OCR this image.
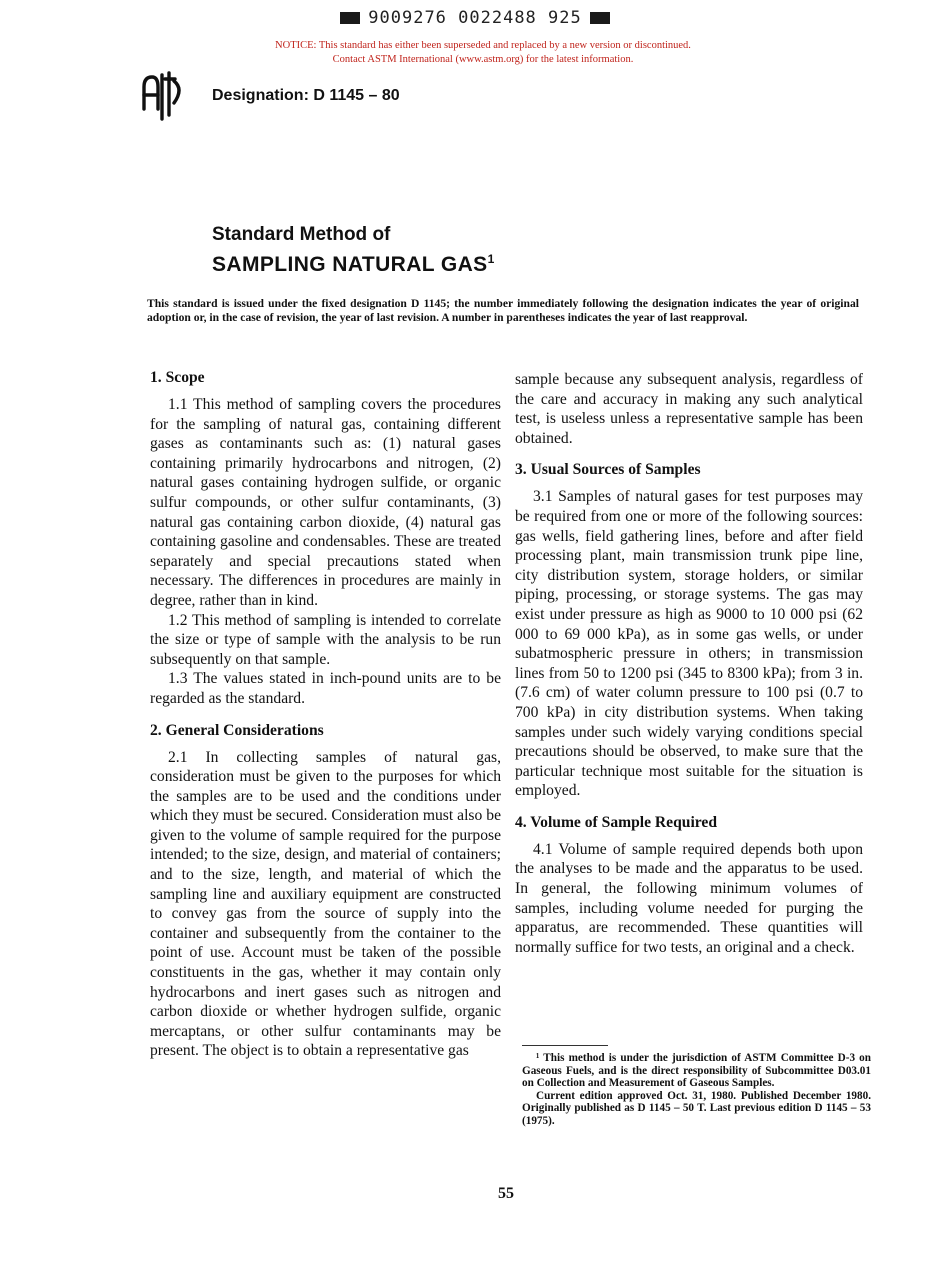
9009276 0022488 925
NOTICE: This standard has either been superseded and replaced by a new version or discontinued.
Contact ASTM International (www.astm.org) for the latest information.
Designation: D 1145 – 80
Standard Method of
SAMPLING NATURAL GAS$^1$
This standard is issued under the fixed designation D 1145; the number immediately following the designation indicates the year of original adoption or, in the case of revision, the year of last revision. A number in parentheses indicates the year of last reapproval.
1. Scope

1.1 This method of sampling covers the procedures for the sampling of natural gas, containing different gases as contaminants such as: (1) natural gases containing primarily hydrocarbons and nitrogen, (2) natural gases containing hydrogen sulfide, or organic sulfur compounds, or other sulfur contaminants, (3) natural gas containing carbon dioxide, (4) natural gas containing gasoline and condensables. These are treated separately and special precautions stated when necessary. The differences in procedures are mainly in degree, rather than in kind.

1.2 This method of sampling is intended to correlate the size or type of sample with the analysis to be run subsequently on that sample.

1.3 The values stated in inch-pound units are to be regarded as the standard.

2. General Considerations

2.1 In collecting samples of natural gas, consideration must be given to the purposes for which the samples are to be used and the conditions under which they must be secured. Consideration must also be given to the volume of sample required for the purpose intended; to the size, design, and material of containers; and to the size, length, and material of which the sampling line and auxiliary equipment are constructed to convey gas from the source of supply into the container and subsequently from the container to the point of use. Account must be taken of the possible constituents in the gas, whether it may contain only hydrocarbons and inert gases such as nitrogen and carbon dioxide or whether hydrogen sulfide, organic mercaptans, or other sulfur contaminants may be present. The object is to obtain a representative gas

sample because any subsequent analysis, regardless of the care and accuracy in making any such analytical test, is useless unless a representative sample has been obtained.

3. Usual Sources of Samples

3.1 Samples of natural gases for test purposes may be required from one or more of the following sources: gas wells, field gathering lines, before and after field processing plant, main transmission trunk pipe line, city distribution system, storage holders, or similar piping, processing, or storage systems. The gas may exist under pressure as high as 9000 to 10 000 psi (62 000 to 69 000 kPa), as in some gas wells, or under subatmospheric pressure in others; in transmission lines from 50 to 1200 psi (345 to 8300 kPa); from 3 in. (7.6 cm) of water column pressure to 100 psi (0.7 to 700 kPa) in city distribution systems. When taking samples under such widely varying conditions special precautions should be observed, to make sure that the particular technique most suitable for the situation is employed.

4. Volume of Sample Required

4.1 Volume of sample required depends both upon the analyses to be made and the apparatus to be used. In general, the following minimum volumes of samples, including volume needed for purging the apparatus, are recommended. These quantities will normally suffice for two tests, an original and a check.

¹ This method is under the jurisdiction of ASTM Committee D-3 on Gaseous Fuels, and is the direct responsibility of Subcommittee D03.01 on Collection and Measurement of Gaseous Samples.

Current edition approved Oct. 31, 1980. Published December 1980. Originally published as D 1145 – 50 T. Last previous edition D 1145 – 53 (1975).

55
